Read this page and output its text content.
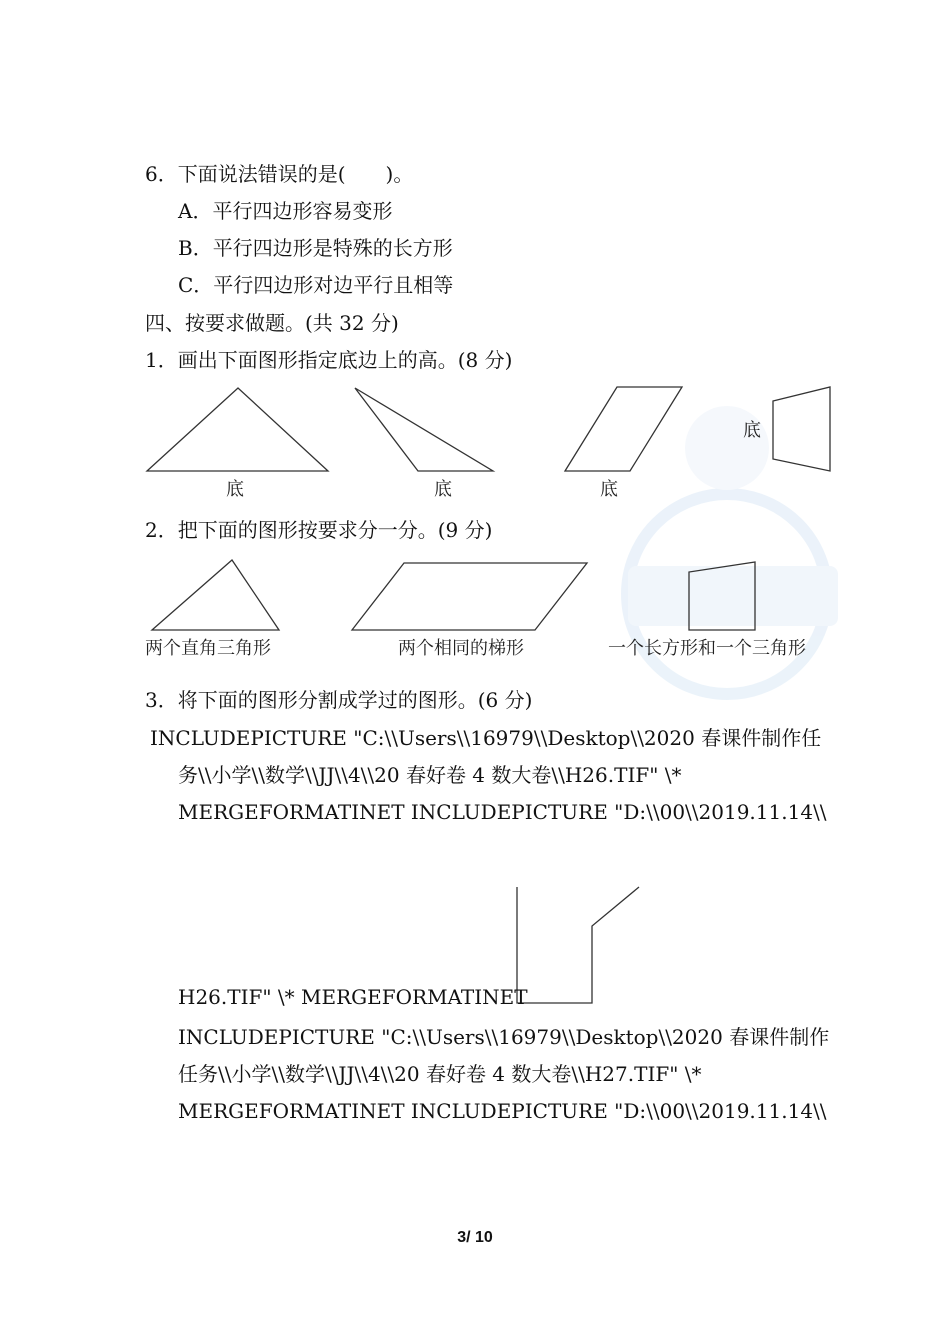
6．下面说法错误的是(　　)。
A．平行四边形容易变形
B．平行四边形是特殊的长方形
C．平行四边形对边平行且相等
四、按要求做题。(共 32 分)
1．画出下面图形指定底边上的高。(8 分)
底	底	底
底
2．把下面的图形按要求分一分。(9 分)
两个直角三角形	两个相同的梯形	一个长方形和一个三角形
3．将下面的图形分割成学过的图形。(6 分)
INCLUDEPICTURE "C:\\Users\\16979\\Desktop\\2020 春课件制作任
务\\小学\\数学\\JJ\\4\\20 春好卷 4 数大卷\\H26.TIF" \*
MERGEFORMATINET INCLUDEPICTURE "D:\\00\\2019.11.14\\
H26.TIF" \* MERGEFORMATINET
INCLUDEPICTURE "C:\\Users\\16979\\Desktop\\2020 春课件制作
任务\\小学\\数学\\JJ\\4\\20 春好卷 4 数大卷\\H27.TIF" \*
MERGEFORMATINET INCLUDEPICTURE "D:\\00\\2019.11.14\\
3/ 10
